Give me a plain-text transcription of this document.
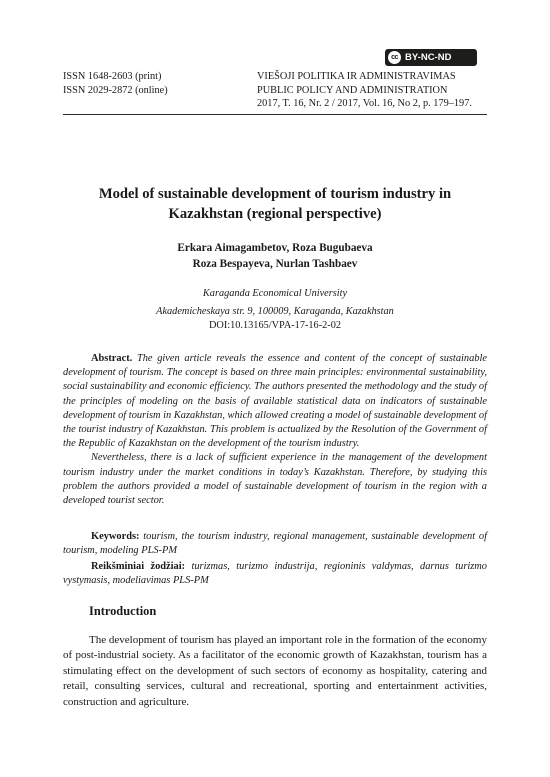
cc BY-NC-ND
ISSN 1648-2603 (print)
ISSN 2029-2872 (online)
VIEŠOJI POLITIKA IR ADMINISTRAVIMAS
PUBLIC POLICY AND ADMINISTRATION
2017, T. 16, Nr. 2 / 2017, Vol. 16, No 2, p. 179–197.
Model of sustainable development of tourism industry in
Kazakhstan (regional perspective)
Erkara Aimagambetov, Roza Bugubaeva
Roza Bespayeva, Nurlan Tashbaev
Karaganda Economical University
Akademicheskaya str. 9, 100009, Karaganda, Kazakhstan
DOI:10.13165/VPA-17-16-2-02

Abstract. The given article reveals the essence and content of the concept of sustainable development of tourism. The concept is based on three main principles: environmental sustainability, social sustainability and economic efficiency. The authors presented the methodology and the study of the principles of modeling on the basis of available statistical data on indicators of sustainable development of tourism in Kazakhstan, which allowed creating a model of sustainable development of the tourist industry of Kazakhstan. This problem is actualized by the Resolution of the Government of the Republic of Kazakhstan on the development of the tourism industry.

Nevertheless, there is a lack of sufficient experience in the management of the development tourism industry under the market conditions in today’s Kazakhstan. Therefore, by studying this problem the authors provided a model of sustainable development of tourism in the region with a developed tourist sector.

Keywords: tourism, the tourism industry, regional management, sustainable development of tourism, modeling PLS-PM

Reikšminiai žodžiai: turizmas, turizmo industrija, regioninis valdymas, darnus turizmo vystymasis, modeliavimas PLS-PM

Introduction
The development of tourism has played an important role in the formation of the economy of post-industrial society. As a facilitator of the economic growth of Kazakhstan, tourism has a stimulating effect on the development of such sectors of economy as hospitality, catering and retail, consulting services, cultural and recreational, sporting and entertainment activities, construction and agriculture.
